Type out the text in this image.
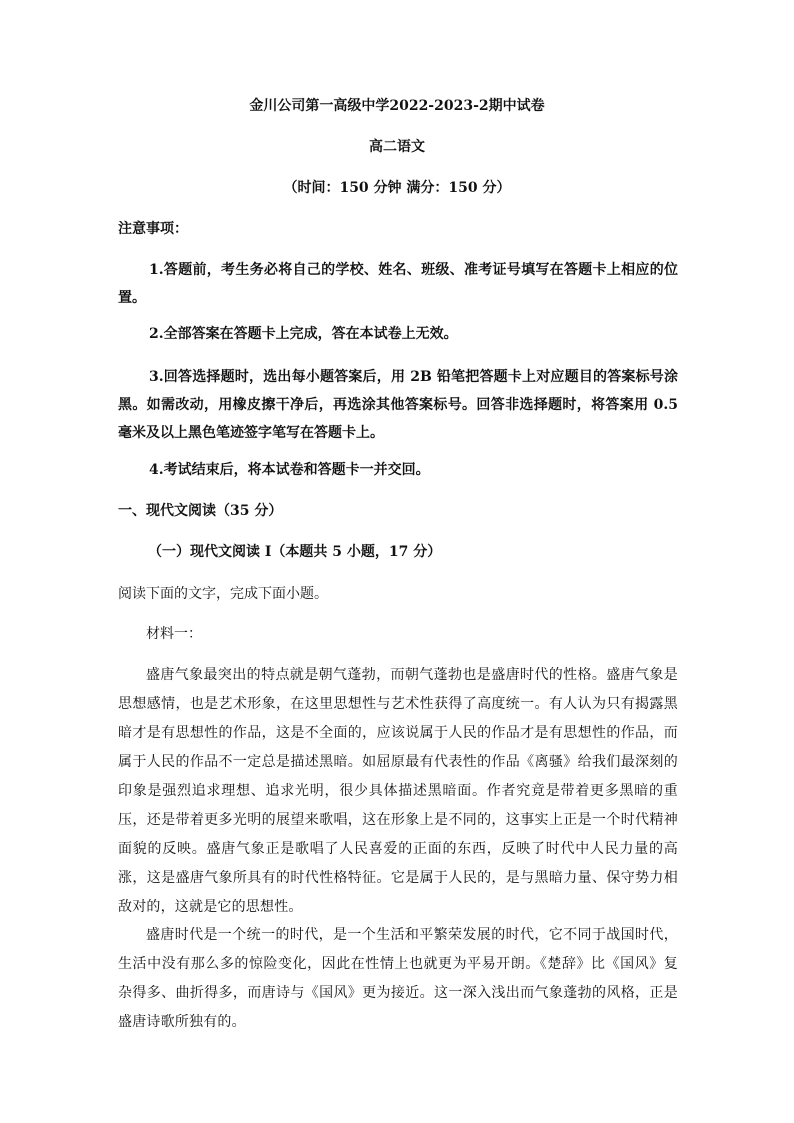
金川公司第一高级中学2022-2023-2期中试卷
高二语文
（时间：150 分钟 满分：150 分）
注意事项：
1.答题前，考生务必将自己的学校、姓名、班级、准考证号填写在答题卡上相应的位置。
2.全部答案在答题卡上完成，答在本试卷上无效。
3.回答选择题时，选出每小题答案后，用 2B 铅笔把答题卡上对应题目的答案标号涂黑。如需改动，用橡皮擦干净后，再选涂其他答案标号。回答非选择题时，将答案用 0.5 毫米及以上黑色笔迹签字笔写在答题卡上。
4.考试结束后，将本试卷和答题卡一并交回。
一、现代文阅读（35 分）
（一）现代文阅读 I（本题共 5 小题，17 分）
阅读下面的文字，完成下面小题。
材料一：
盛唐气象最突出的特点就是朝气蓬勃，而朝气蓬勃也是盛唐时代的性格。盛唐气象是思想感情，也是艺术形象，在这里思想性与艺术性获得了高度统一。有人认为只有揭露黑暗才是有思想性的作品，这是不全面的，应该说属于人民的作品才是有思想性的作品，而属于人民的作品不一定总是描述黑暗。如屈原最有代表性的作品《离骚》给我们最深刻的印象是强烈追求理想、追求光明，很少具体描述黑暗面。作者究竟是带着更多黑暗的重压，还是带着更多光明的展望来歌唱，这在形象上是不同的，这事实上正是一个时代精神面貌的反映。盛唐气象正是歌唱了人民喜爱的正面的东西，反映了时代中人民力量的高涨，这是盛唐气象所具有的时代性格特征。它是属于人民的，是与黑暗力量、保守势力相敌对的，这就是它的思想性。
盛唐时代是一个统一的时代，是一个生活和平繁荣发展的时代，它不同于战国时代，生活中没有那么多的惊险变化，因此在性情上也就更为平易开朗。《楚辞》比《国风》复杂得多、曲折得多，而唐诗与《国风》更为接近。这一深入浅出而气象蓬勃的风格，正是盛唐诗歌所独有的。
